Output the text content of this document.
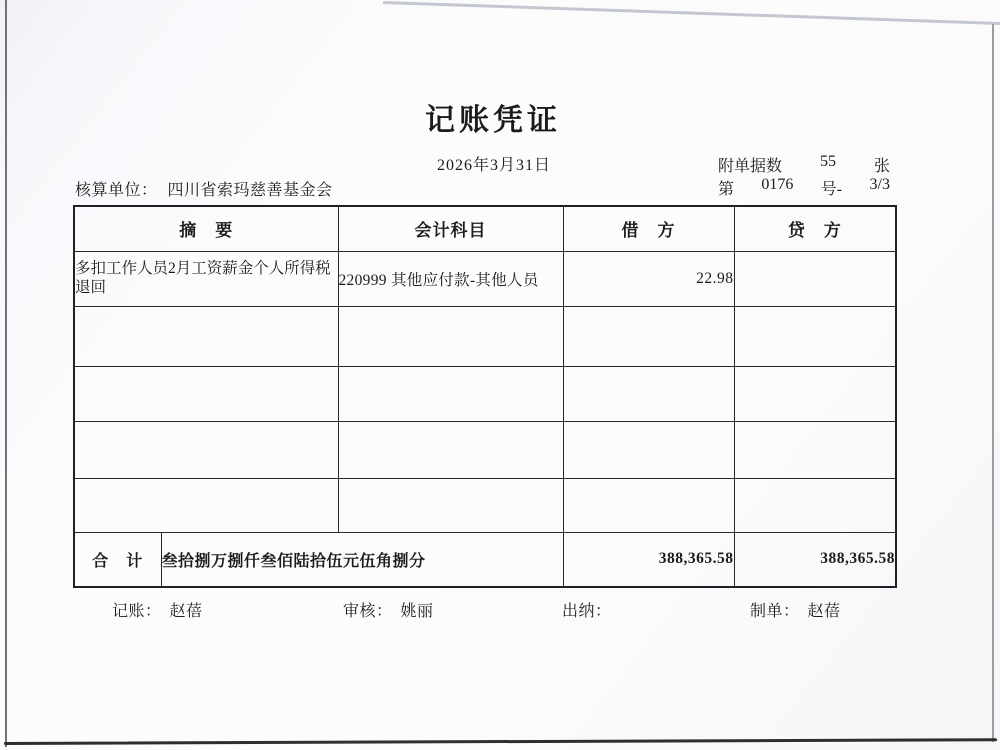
记账凭证
2026年3月31日	附单据数 55 张
第 0176 号- 3/3
核算单位： 四川省索玛慈善基金会
摘　要		会计科目	借　方	贷　方
多扣工作人员2月工资薪金个人所得税退回		220999 其他应付款-其他人员	22.98	

合　计	叁拾捌万捌仟叁佰陆拾伍元伍角捌分		388,365.58	388,365.58
记账： 赵蓓	审核： 姚丽	出纳：	制单： 赵蓓
